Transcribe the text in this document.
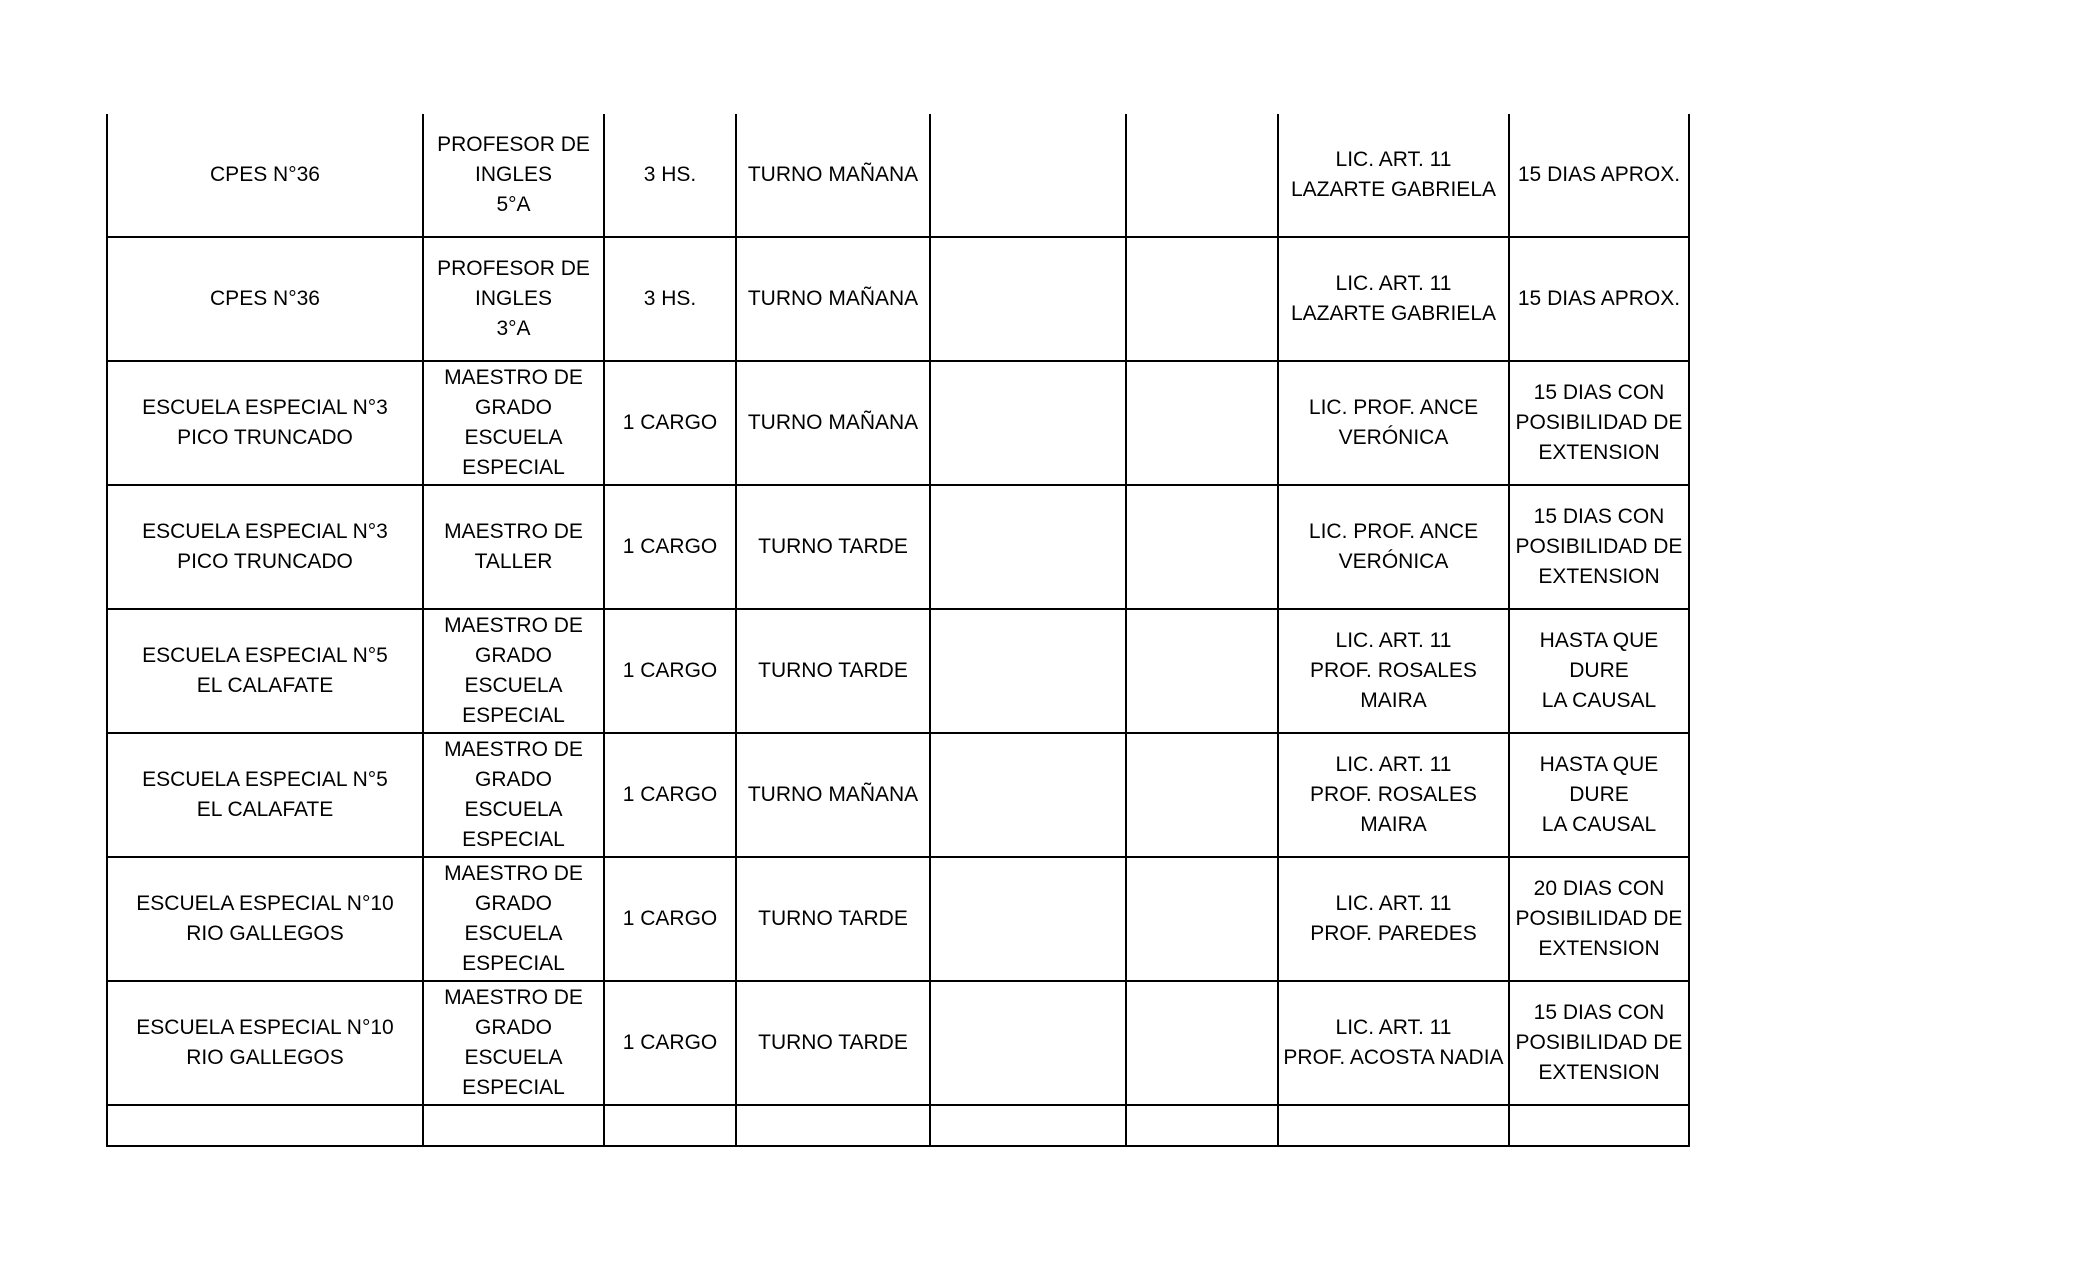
CPES N°36	PROFESOR DE
INGLES
5°A	3 HS.	TURNO MAÑANA			LIC. ART. 11
LAZARTE GABRIELA	15 DIAS APROX.
CPES N°36	PROFESOR DE
INGLES
3°A	3 HS.	TURNO MAÑANA			LIC. ART. 11
LAZARTE GABRIELA	15 DIAS APROX.
ESCUELA ESPECIAL N°3
PICO TRUNCADO	MAESTRO DE
GRADO
ESCUELA
ESPECIAL	1 CARGO	TURNO MAÑANA			LIC. PROF. ANCE
VERÓNICA	15 DIAS CON
POSIBILIDAD DE
EXTENSION
ESCUELA ESPECIAL N°3
PICO TRUNCADO	MAESTRO DE
TALLER	1 CARGO	TURNO TARDE			LIC. PROF. ANCE
VERÓNICA	15 DIAS CON
POSIBILIDAD DE
EXTENSION
ESCUELA ESPECIAL N°5
EL CALAFATE	MAESTRO DE
GRADO
ESCUELA
ESPECIAL	1 CARGO	TURNO TARDE			LIC. ART. 11
PROF. ROSALES MAIRA	HASTA QUE DURE
LA CAUSAL
ESCUELA ESPECIAL N°5
EL CALAFATE	MAESTRO DE
GRADO
ESCUELA
ESPECIAL	1 CARGO	TURNO MAÑANA			LIC. ART. 11
PROF. ROSALES MAIRA	HASTA QUE DURE
LA CAUSAL
ESCUELA ESPECIAL N°10
RIO GALLEGOS	MAESTRO DE
GRADO
ESCUELA
ESPECIAL	1 CARGO	TURNO TARDE			LIC. ART. 11
PROF. PAREDES	20 DIAS CON
POSIBILIDAD DE
EXTENSION
ESCUELA ESPECIAL N°10
RIO GALLEGOS	MAESTRO DE
GRADO
ESCUELA
ESPECIAL	1 CARGO	TURNO TARDE			LIC. ART. 11
PROF. ACOSTA NADIA	15 DIAS CON
POSIBILIDAD DE
EXTENSION
